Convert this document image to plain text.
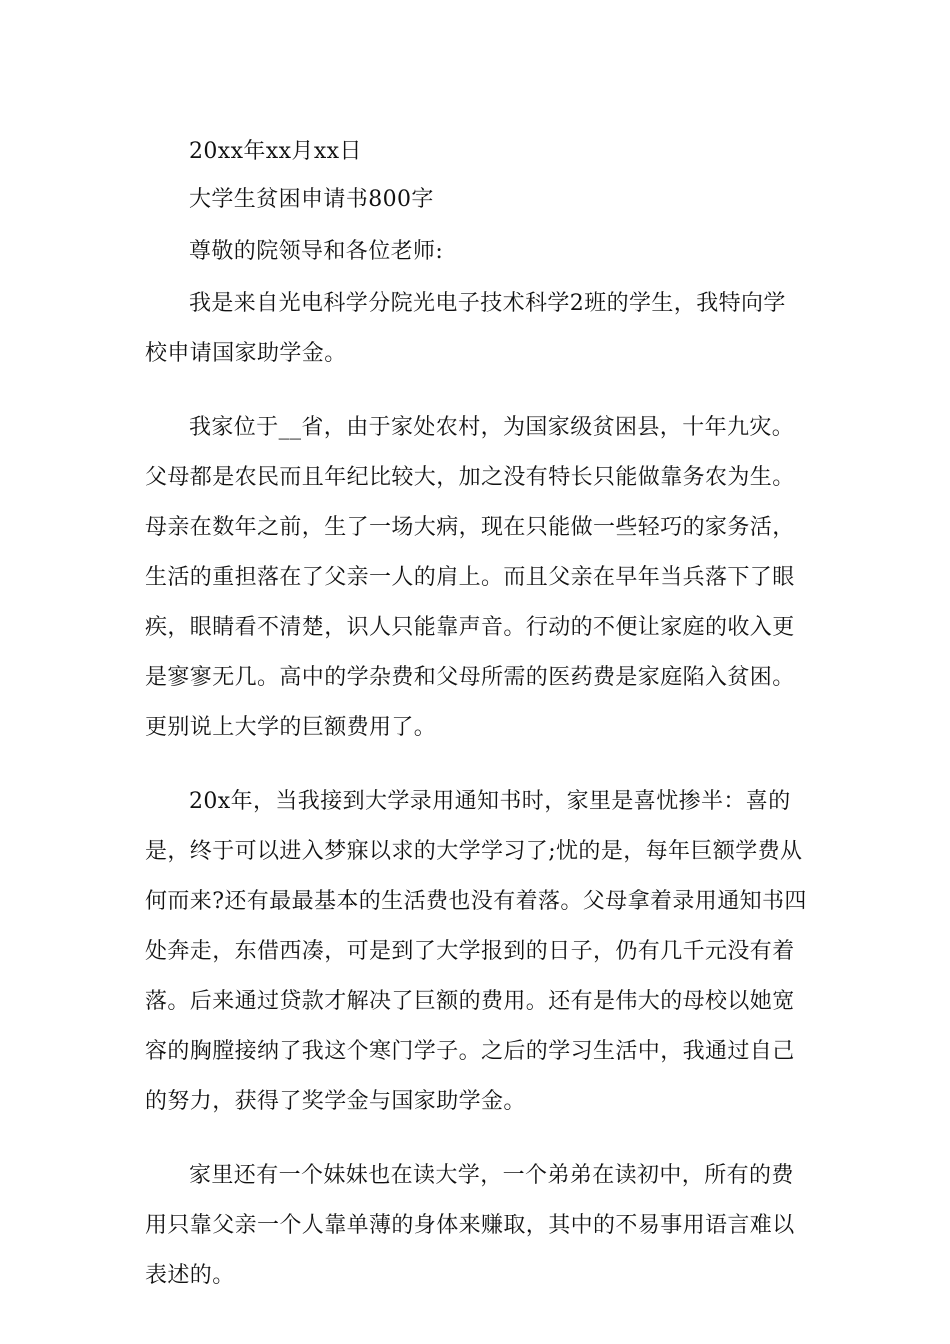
20xx年xx月xx日
大学生贫困申请书800字
尊敬的院领导和各位老师:
我是来自光电科学分院光电子技术科学2班的学生，我特向学
校申请国家助学金。
我家位于__省，由于家处农村，为国家级贫困县，十年九灾。
父母都是农民而且年纪比较大，加之没有特长只能做靠务农为生。
母亲在数年之前，生了一场大病，现在只能做一些轻巧的家务活，
生活的重担落在了父亲一人的肩上。而且父亲在早年当兵落下了眼
疾，眼睛看不清楚，识人只能靠声音。行动的不便让家庭的收入更
是寥寥无几。高中的学杂费和父母所需的医药费是家庭陷入贫困。
更别说上大学的巨额费用了。
20x年，当我接到大学录用通知书时，家里是喜忧掺半：喜的
是，终于可以进入梦寐以求的大学学习了;忧的是，每年巨额学费从
何而来?还有最最基本的生活费也没有着落。父母拿着录用通知书四
处奔走，东借西凑，可是到了大学报到的日子，仍有几千元没有着
落。后来通过贷款才解决了巨额的费用。还有是伟大的母校以她宽
容的胸膛接纳了我这个寒门学子。之后的学习生活中，我通过自己
的努力，获得了奖学金与国家助学金。
家里还有一个妹妹也在读大学，一个弟弟在读初中，所有的费
用只靠父亲一个人靠单薄的身体来赚取，其中的不易事用语言难以
表述的。
